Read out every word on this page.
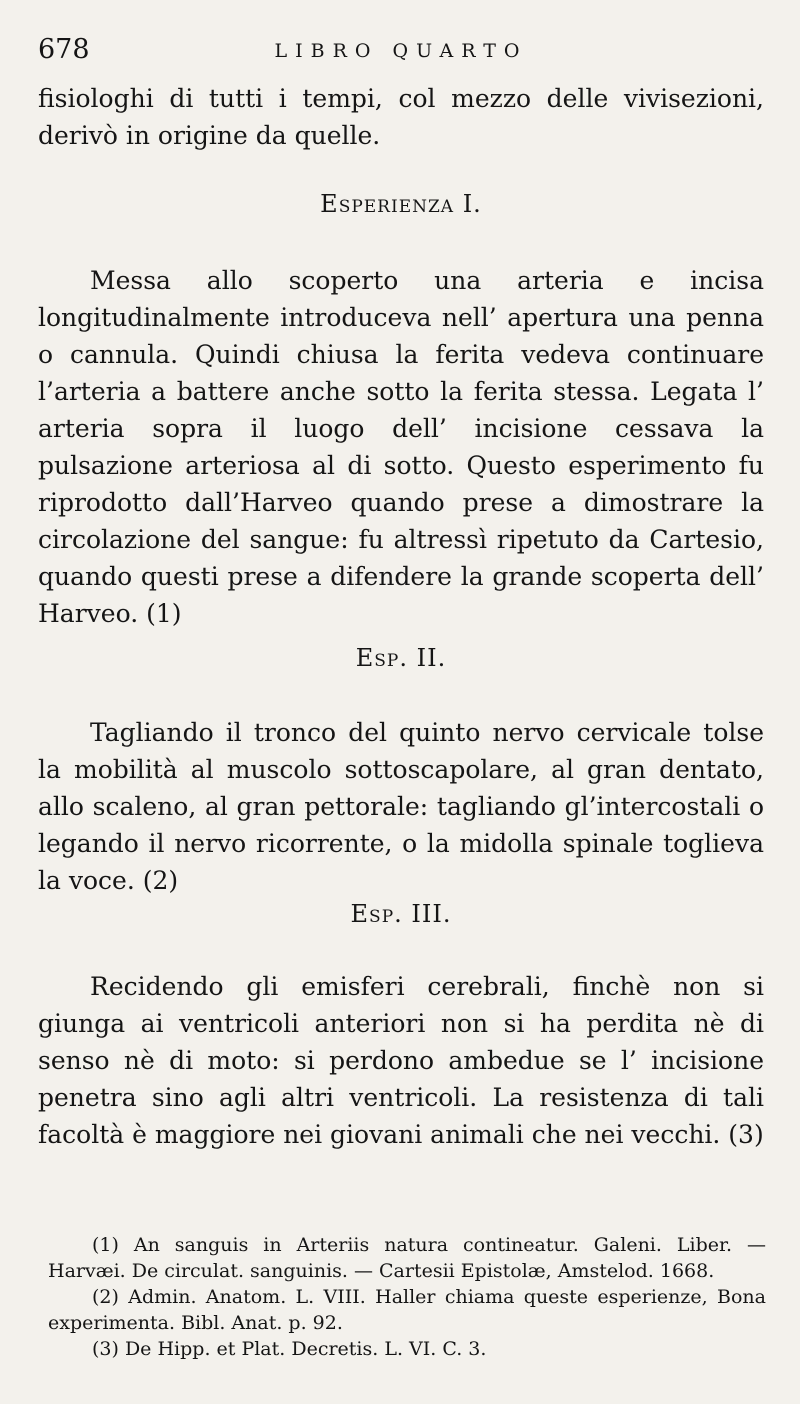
678	LIBRO QUARTO

fisiologhi di tutti i tempi, col mezzo delle vivisezioni, derivò in origine da quelle.

Esperienza I.

Messa allo scoperto una arteria e incisa longitudinalmente introduceva nell’ apertura una penna o cannula. Quindi chiusa la ferita vedeva continuare l’arteria a battere anche sotto la ferita stessa. Legata l’ arteria sopra il luogo dell’ incisione cessava la pulsazione arteriosa al di sotto. Questo esperimento fu riprodotto dall’Harveo quando prese a dimostrare la circolazione del sangue: fu altressì ripetuto da Cartesio, quando questi prese a difendere la grande scoperta dell’ Harveo. (1)

Esp. II.

Tagliando il tronco del quinto nervo cervicale tolse la mobilità al muscolo sottoscapolare, al gran dentato, allo scaleno, al gran pettorale: tagliando gl’intercostali o legando il nervo ricorrente, o la midolla spinale toglieva la voce. (2)

Esp. III.

Recidendo gli emisferi cerebrali, finchè non si giunga ai ventricoli anteriori non si ha perdita nè di senso nè di moto: si perdono ambedue se l’ incisione penetra sino agli altri ventricoli. La resistenza di tali facoltà è maggiore nei giovani animali che nei vecchi. (3)

(1) An sanguis in Arteriis natura contineatur. Galeni. Liber. — Harvæi. De circulat. sanguinis. — Cartesii Epistolæ, Amstelod. 1668.

(2) Admin. Anatom. L. VIII. Haller chiama queste esperienze, Bona experimenta. Bibl. Anat. p. 92.

(3) De Hipp. et Plat. Decretis. L. VI. C. 3.
